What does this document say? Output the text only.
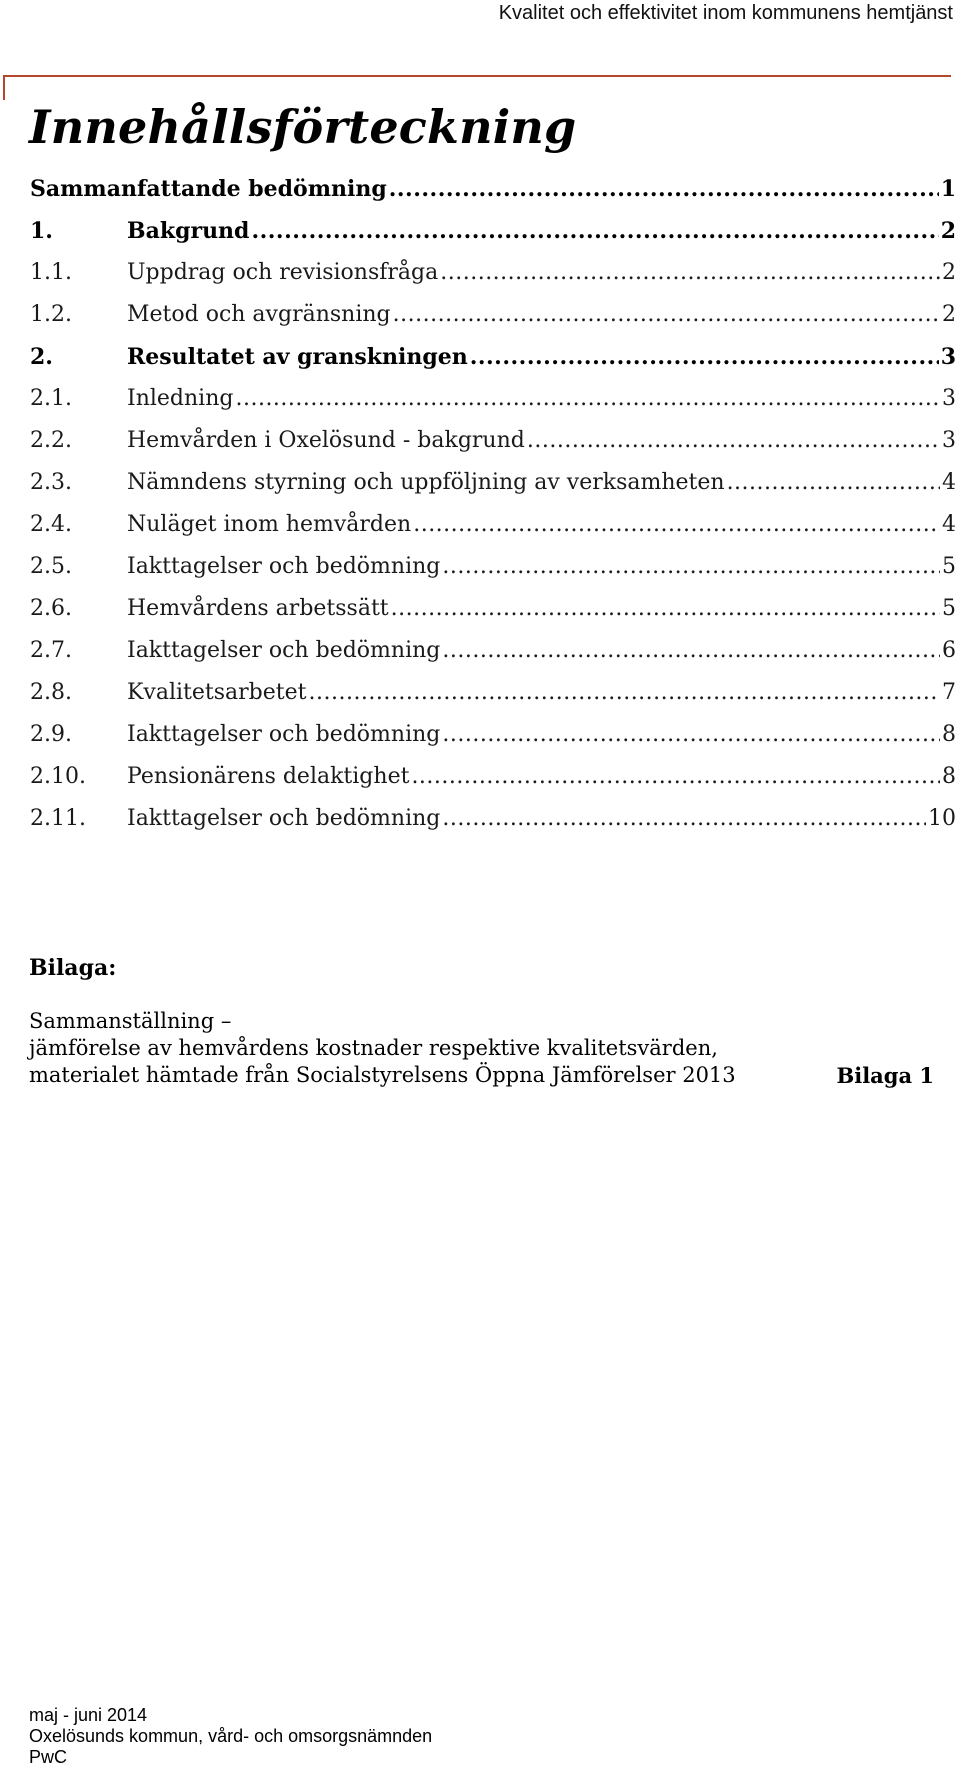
Kvalitet och effektivitet inom kommunens hemtjänst
Innehållsförteckning
Sammanfattande bedömning .....	1
1.	Bakgrund .....	2
1.1.	Uppdrag och revisionsfråga .....	2
1.2.	Metod och avgränsning .....	2
2.	Resultatet av granskningen .....	3
2.1.	Inledning .....	3
2.2.	Hemvården i Oxelösund - bakgrund .....	3
2.3.	Nämndens styrning och uppföljning av verksamheten .....	4
2.4.	Nuläget inom hemvården .....	4
2.5.	Iakttagelser och bedömning .....	5
2.6.	Hemvårdens arbetssätt .....	5
2.7.	Iakttagelser och bedömning .....	6
2.8.	Kvalitetsarbetet .....	7
2.9.	Iakttagelser och bedömning .....	8
2.10.	Pensionärens delaktighet .....	8
2.11.	Iakttagelser och bedömning .....	10
Bilaga:
Sammanställning –
jämförelse av hemvårdens kostnader respektive kvalitetsvärden,
materialet hämtade från Socialstyrelsens Öppna Jämförelser 2013	Bilaga 1
maj - juni 2014
Oxelösunds kommun, vård- och omsorgsnämnden
PwC
